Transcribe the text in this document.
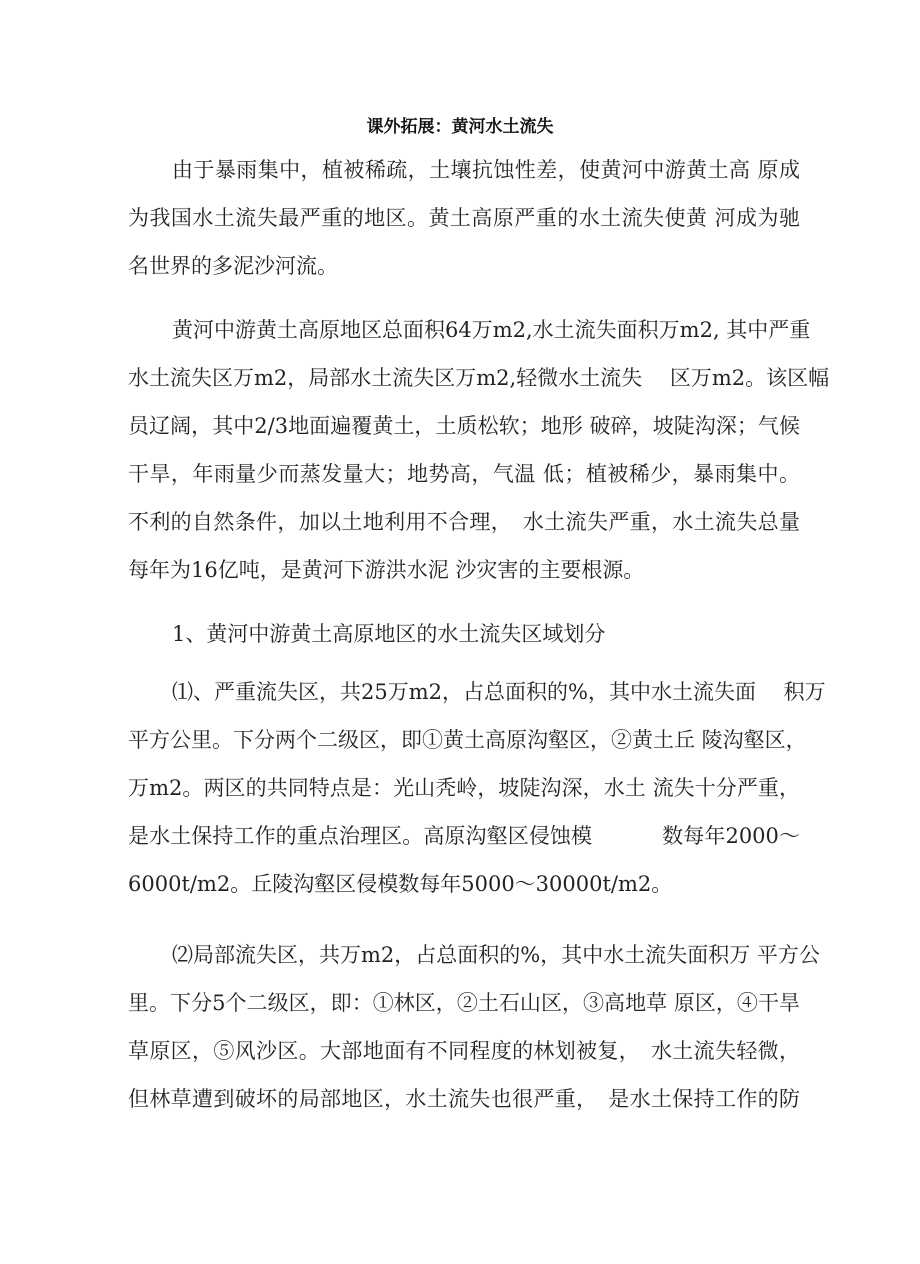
课外拓展：黄河水土流失
由于暴雨集中，植被稀疏，土壤抗蚀性差，使黄河中游黄土高 原成
为我国水土流失最严重的地区。黄土高原严重的水土流失使黄 河成为驰
名世界的多泥沙河流。
黄河中游黄土高原地区总面积64万m2,水土流失面积万m2, 其中严重
水土流失区万m2，局部水土流失区万m2,轻微水土流失　 区万m2。该区幅
员辽阔，其中2/3地面遍覆黄土，土质松软；地形 破碎，坡陡沟深；气候
干旱，年雨量少而蒸发量大；地势高，气温 低；植被稀少，暴雨集中。
不利的自然条件，加以土地利用不合理，　水土流失严重，水土流失总量
每年为16亿吨，是黄河下游洪水泥 沙灾害的主要根源。
1、黄河中游黄土高原地区的水土流失区域划分
⑴、严重流失区，共25万m2，占总面积的%，其中水土流失面　 积万
平方公里。下分两个二级区，即①黄土高原沟壑区，②黄土丘 陵沟壑区，
万m2。两区的共同特点是：光山秃岭，坡陡沟深，水土 流失十分严重，
是水土保持工作的重点治理区。高原沟壑区侵蚀模　　　 数每年2000〜
6000t/m2。丘陵沟壑区侵模数每年5000〜30000t/m2。
⑵局部流失区，共万m2，占总面积的%，其中水土流失面积万 平方公
里。下分5个二级区，即：①林区，②土石山区，③高地草 原区，④干旱
草原区，⑤风沙区。大部地面有不同程度的林划被复，　水土流失轻微，
但林草遭到破坏的局部地区，水土流失也很严重，　是水土保持工作的防
